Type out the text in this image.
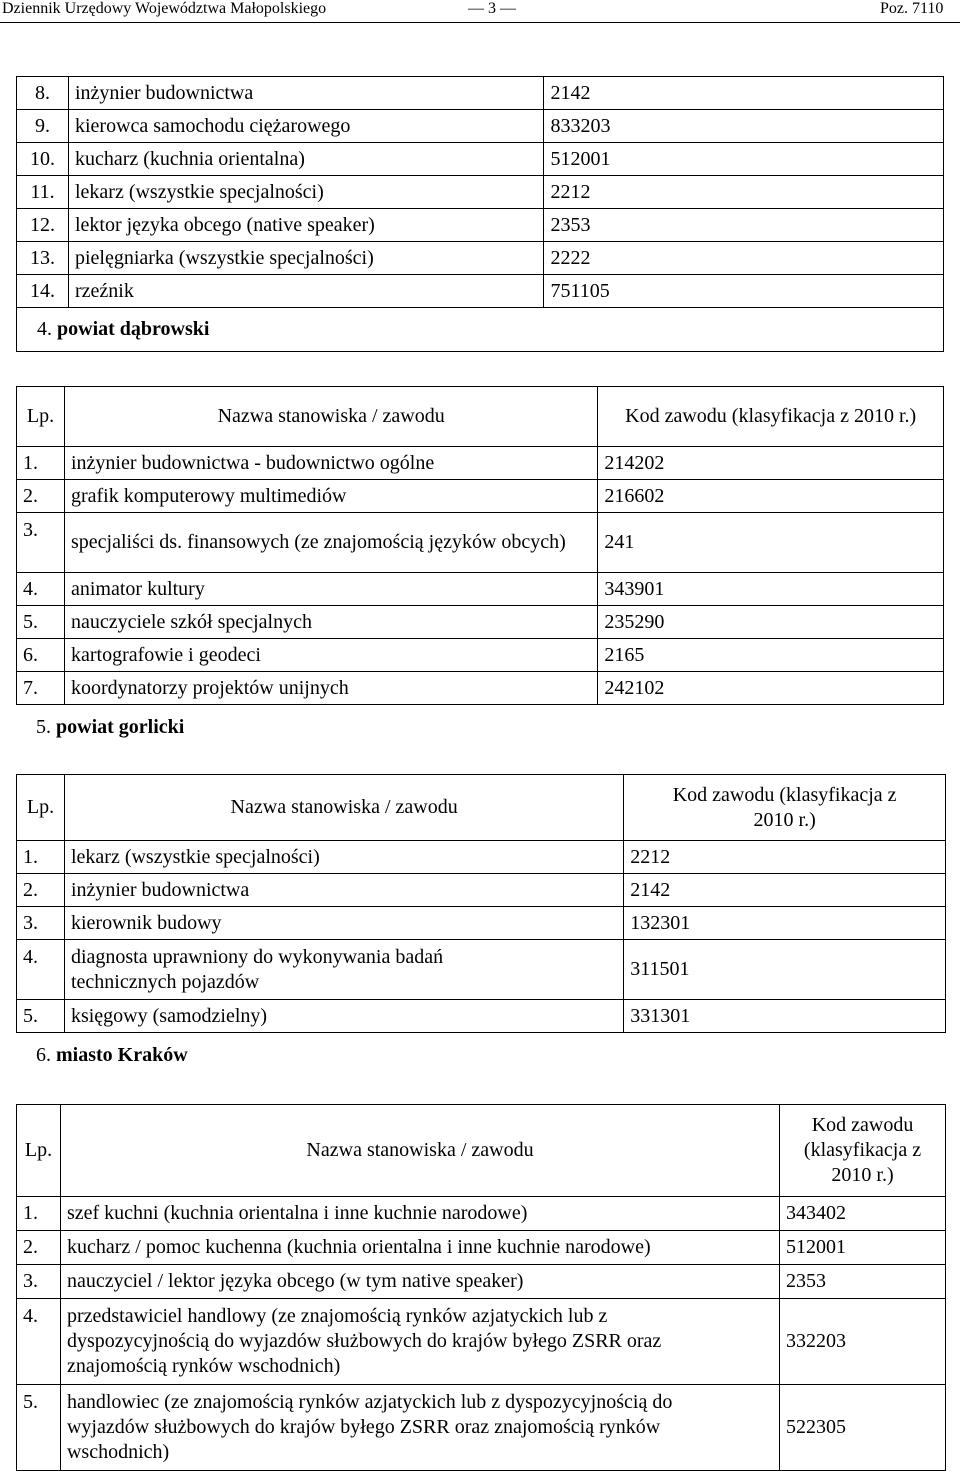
Dziennik Urzędowy Województwa Małopolskiego	— 3 —	Poz. 7110
8.	inżynier budownictwa	2142
9.	kierowca samochodu ciężarowego	833203
10.	kucharz (kuchnia orientalna)	512001
11.	lekarz (wszystkie specjalności)	2212
12.	lektor języka obcego (native speaker)	2353
13.	pielęgniarka (wszystkie specjalności)	2222
14.	rzeźnik	751105
4. powiat dąbrowski		
Lp.	Nazwa stanowiska / zawodu	Kod zawodu (klasyfikacja z 2010 r.)
1.	inżynier budownictwa - budownictwo ogólne	214202
2.	grafik komputerowy multimediów	216602
3.	specjaliści ds. finansowych (ze znajomością języków obcych)	241
4.	animator kultury	343901
5.	nauczyciele szkół specjalnych	235290
6.	kartografowie i geodeci	2165
7.	koordynatorzy projektów unijnych	242102
5. powiat gorlicki
Lp.	Nazwa stanowiska / zawodu	Kod zawodu (klasyfikacja z 2010 r.)
1.	lekarz (wszystkie specjalności)	2212
2.	inżynier budownictwa	2142
3.	kierownik budowy	132301
4.	diagnosta uprawniony do wykonywania badań technicznych pojazdów	311501
5.	księgowy (samodzielny)	331301
6. miasto Kraków
Lp.	Nazwa stanowiska / zawodu	Kod zawodu (klasyfikacja z 2010 r.)
1.	szef kuchni (kuchnia orientalna i inne kuchnie narodowe)	343402
2.	kucharz / pomoc kuchenna (kuchnia orientalna i inne kuchnie narodowe)	512001
3.	nauczyciel / lektor języka obcego (w tym native speaker)	2353
4.	przedstawiciel handlowy (ze znajomością rynków azjatyckich lub z dyspozycyjnością do wyjazdów służbowych do krajów byłego ZSRR oraz znajomością rynków wschodnich)	332203
5.	handlowiec (ze znajomością rynków azjatyckich lub z dyspozycyjnością do wyjazdów służbowych do krajów byłego ZSRR oraz znajomością rynków wschodnich)	522305
